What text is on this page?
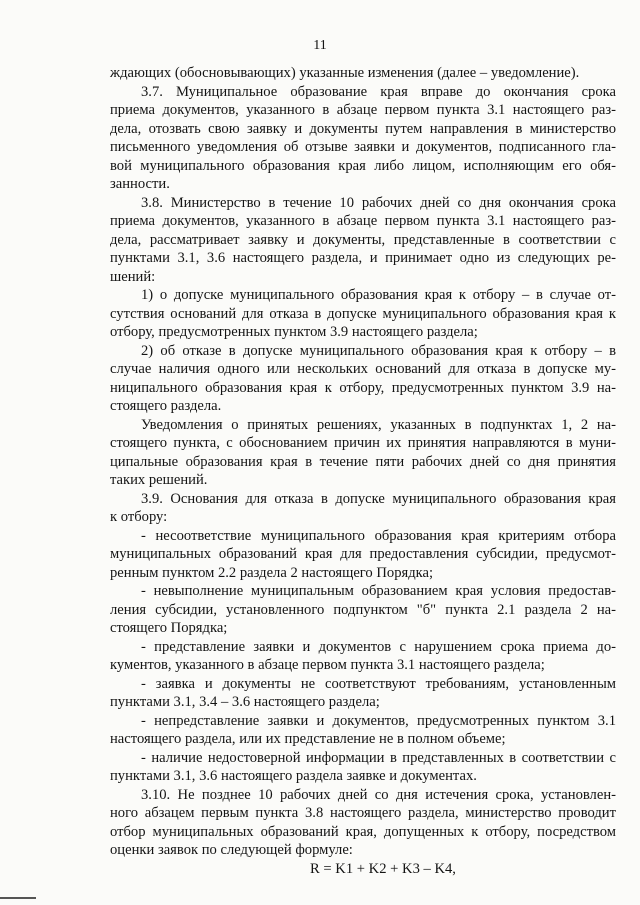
11
ждающих (обосновывающих) указанные изменения (далее – уведомление).
3.7. Муниципальное образование края вправе до окончания срока
приема документов, указанного в абзаце первом пункта 3.1 настоящего раз-
дела, отозвать свою заявку и документы путем направления в министерство
письменного уведомления об отзыве заявки и документов, подписанного гла-
вой муниципального образования края либо лицом, исполняющим его обя-
занности.
3.8. Министерство в течение 10 рабочих дней со дня окончания срока
приема документов, указанного в абзаце первом пункта 3.1 настоящего раз-
дела, рассматривает заявку и документы, представленные в соответствии с
пунктами 3.1, 3.6 настоящего раздела, и принимает одно из следующих ре-
шений:
1) о допуске муниципального образования края к отбору – в случае от-
сутствия оснований для отказа в допуске муниципального образования края к
отбору, предусмотренных пунктом 3.9 настоящего раздела;
2) об отказе в допуске муниципального образования края к отбору – в
случае наличия одного или нескольких оснований для отказа в допуске му-
ниципального образования края к отбору, предусмотренных пунктом 3.9 на-
стоящего раздела.
Уведомления о принятых решениях, указанных в подпунктах 1, 2 на-
стоящего пункта, с обоснованием причин их принятия направляются в муни-
ципальные образования края в течение пяти рабочих дней со дня принятия
таких решений.
3.9. Основания для отказа в допуске муниципального образования края
к отбору:
- несоответствие муниципального образования края критериям отбора
муниципальных образований края для предоставления субсидии, предусмот-
ренным пунктом 2.2 раздела 2 настоящего Порядка;
- невыполнение муниципальным образованием края условия предостав-
ления субсидии, установленного подпунктом "б" пункта 2.1 раздела 2 на-
стоящего Порядка;
- представление заявки и документов с нарушением срока приема до-
кументов, указанного в абзаце первом пункта 3.1 настоящего раздела;
- заявка и документы не соответствуют требованиям, установленным
пунктами 3.1, 3.4 – 3.6 настоящего раздела;
- непредставление заявки и документов, предусмотренных пунктом 3.1
настоящего раздела, или их представление не в полном объеме;
- наличие недостоверной информации в представленных в соответствии с
пунктами 3.1, 3.6 настоящего раздела заявке и документах.
3.10. Не позднее 10 рабочих дней со дня истечения срока, установлен-
ного абзацем первым пункта 3.8 настоящего раздела, министерство проводит
отбор муниципальных образований края, допущенных к отбору, посредством
оценки заявок по следующей формуле:
R = K1 + K2 + K3 – K4,
